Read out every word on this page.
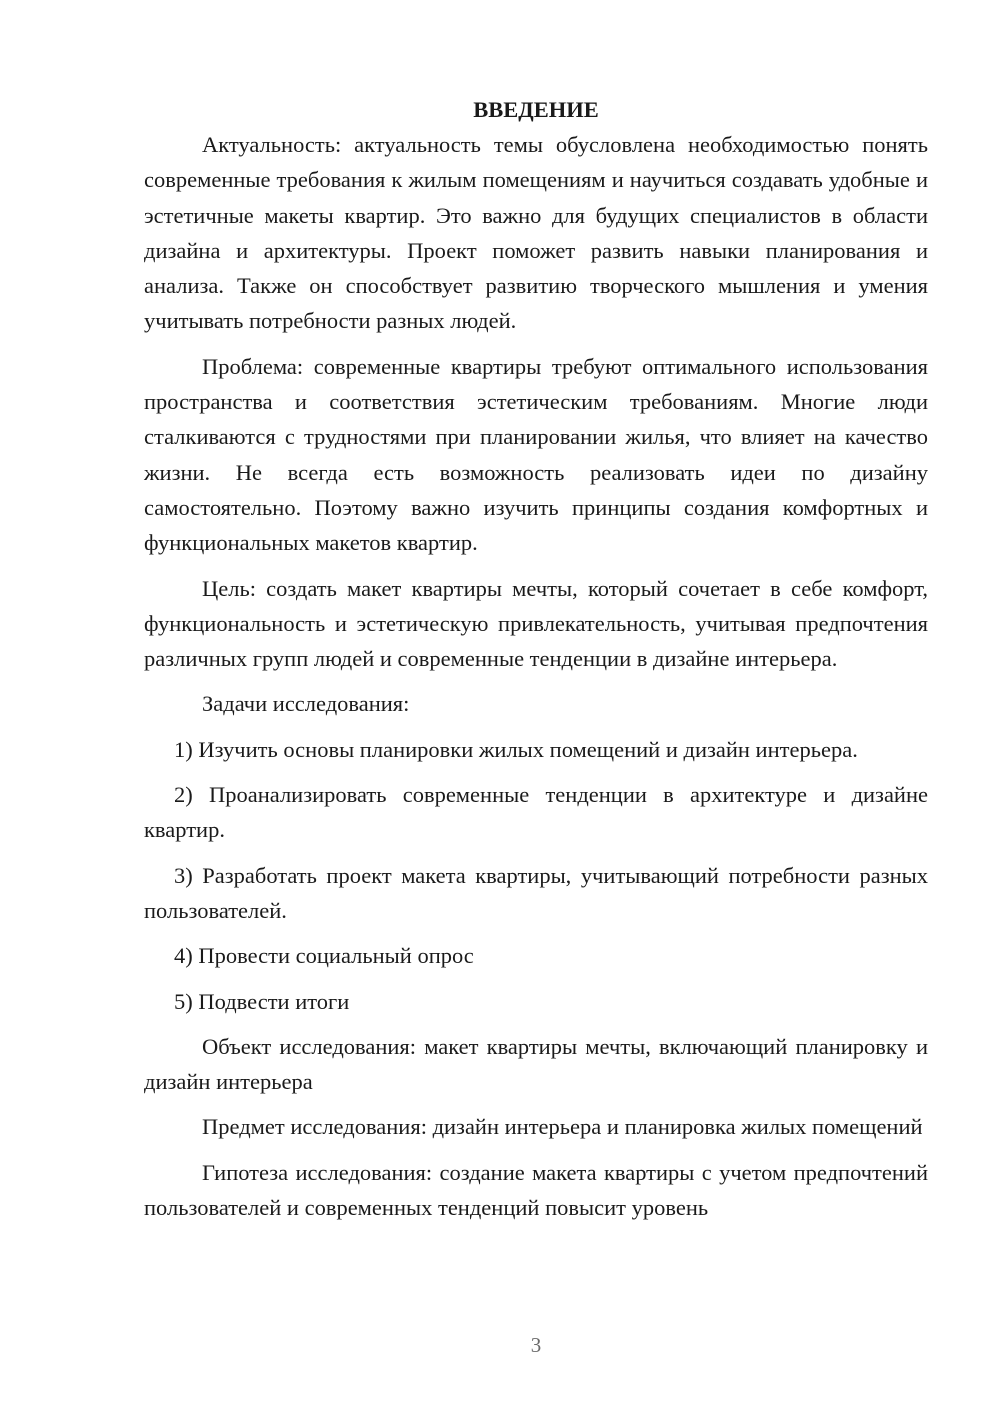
ВВЕДЕНИЕ

Актуальность: актуальность темы обусловлена необходимостью понять современные требования к жилым помещениям и научиться создавать удобные и эстетичные макеты квартир. Это важно для будущих специалистов в области дизайна и архитектуры. Проект поможет развить навыки планирования и анализа. Также он способствует развитию творческого мышления и умения учитывать потребности разных людей.

Проблема: современные квартиры требуют оптимального использования пространства и соответствия эстетическим требованиям. Многие люди сталкиваются с трудностями при планировании жилья, что влияет на качество жизни. Не всегда есть возможность реализовать идеи по дизайну самостоятельно. Поэтому важно изучить принципы создания комфортных и функциональных макетов квартир.

Цель: создать макет квартиры мечты, который сочетает в себе комфорт, функциональность и эстетическую привлекательность, учитывая предпочтения различных групп людей и современные тенденции в дизайне интерьера.

Задачи исследования:

1) Изучить основы планировки жилых помещений и дизайн интерьера.

2) Проанализировать современные тенденции в архитектуре и дизайне квартир.

3) Разработать проект макета квартиры, учитывающий потребности разных пользователей.

4) Провести социальный опрос

5) Подвести итоги

Объект исследования: макет квартиры мечты, включающий планировку и дизайн интерьера

Предмет исследования: дизайн интерьера и планировка жилых помещений

Гипотеза исследования: создание макета квартиры с учетом предпочтений пользователей и современных тенденций повысит уровень

3
